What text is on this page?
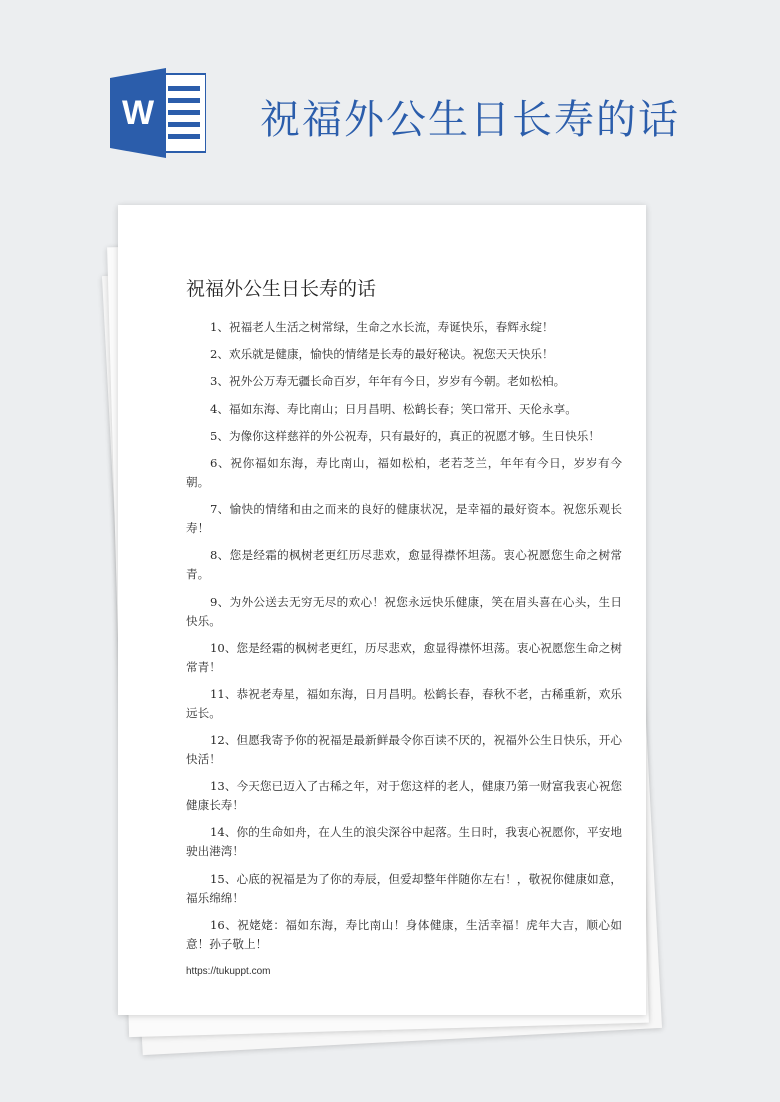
W	祝福外公生日长寿的话
祝福外公生日长寿的话
1、祝福老人生活之树常绿，生命之水长流，寿诞快乐，春辉永绽！
2、欢乐就是健康，愉快的情绪是长寿的最好秘诀。祝您天天快乐！
3、祝外公万寿无疆长命百岁，年年有今日，岁岁有今朝。老如松柏。
4、福如东海、寿比南山；日月昌明、松鹤长春；笑口常开、天伦永享。
5、为像你这样慈祥的外公祝寿，只有最好的，真正的祝愿才够。生日快乐！
6、祝你福如东海，寿比南山，福如松柏，老若芝兰，年年有今日，岁岁有今朝。
7、愉快的情绪和由之而来的良好的健康状况，是幸福的最好资本。祝您乐观长寿！
8、您是经霜的枫树老更红历尽悲欢，愈显得襟怀坦荡。衷心祝愿您生命之树常青。
9、为外公送去无穷无尽的欢心！祝您永远快乐健康，笑在眉头喜在心头，生日快乐。
10、您是经霜的枫树老更红，历尽悲欢，愈显得襟怀坦荡。衷心祝愿您生命之树常青！
11、恭祝老寿星，福如东海，日月昌明。松鹤长春，春秋不老，古稀重新，欢乐远长。
12、但愿我寄予你的祝福是最新鲜最令你百读不厌的，祝福外公生日快乐，开心快活！
13、今天您已迈入了古稀之年，对于您这样的老人，健康乃第一财富我衷心祝您健康长寿！
14、你的生命如舟，在人生的浪尖深谷中起落。生日时，我衷心祝愿你，平安地驶出港湾！
15、心底的祝福是为了你的寿辰，但爱却整年伴随你左右！，敬祝你健康如意，福乐绵绵！
16、祝姥姥：福如东海，寿比南山！身体健康，生活幸福！虎年大吉，顺心如意！孙子敬上！
https://tukuppt.com
